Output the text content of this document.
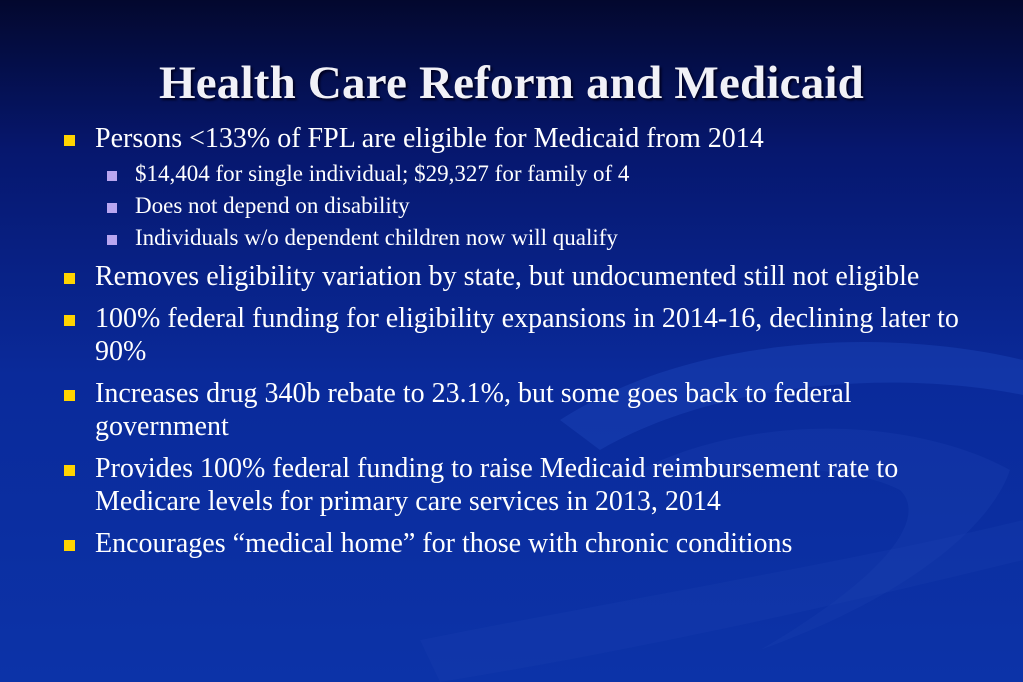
Health Care Reform and Medicaid
Persons <133% of FPL are eligible for Medicaid from 2014
$14,404 for single individual; $29,327 for family of 4
Does not depend on disability
Individuals w/o dependent children now will qualify
Removes eligibility variation by state, but undocumented still not eligible
100% federal funding for eligibility expansions in 2014-16, declining later to 90%
Increases drug 340b rebate to 23.1%, but some goes back to federal government
Provides 100% federal funding to raise Medicaid reimbursement rate to Medicare levels for primary care services in 2013, 2014
Encourages “medical home” for those with chronic conditions
